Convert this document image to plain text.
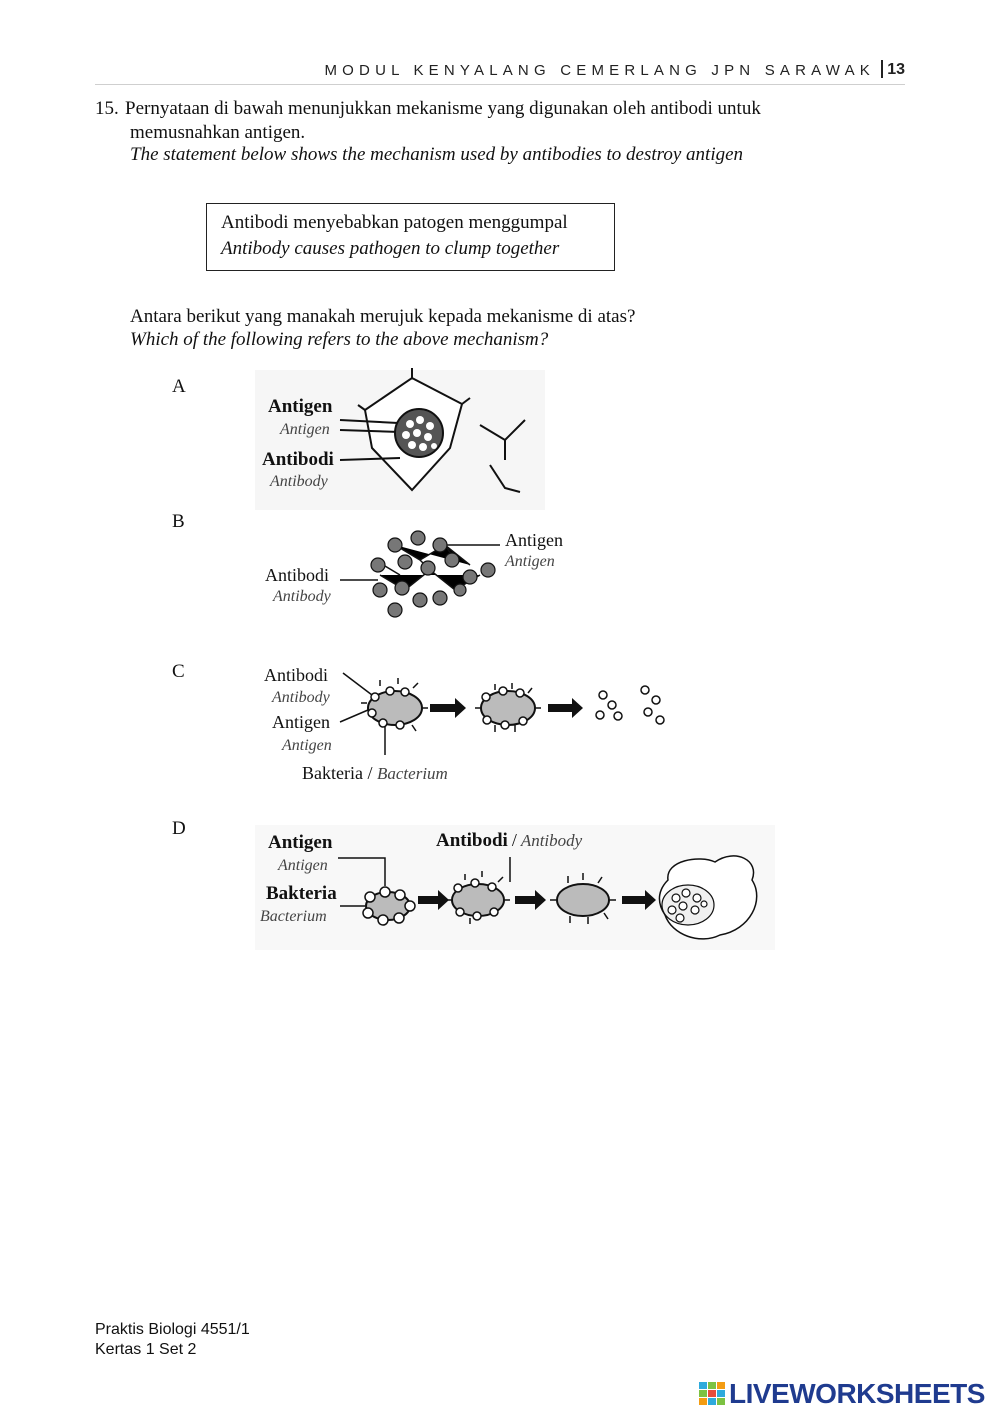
MODUL KENYALANG CEMERLANG JPN SARAWAK 13
15. Pernyataan di bawah menunjukkan mekanisme yang digunakan oleh antibodi untuk
memusnahkan antigen.
The statement below shows the mechanism used by antibodies to destroy antigen
Antibodi menyebabkan patogen menggumpal
Antibody causes pathogen to clump together
Antara berikut yang manakah merujuk kepada mekanisme di atas?
Which of the following refers to the above mechanism?
A
Antigen
Antigen
Antibodi
Antibody
B
Antigen
Antigen
Antibodi
Antibody
C	Antibodi
Antibody
Antigen
Antigen
Bakteria / Bacterium
D
Antigen
Antigen
Bakteria
Bacterium
Antibodi / Antibody
Praktis Biologi 4551/1
Kertas 1 Set 2
LIVEWORKSHEETS
